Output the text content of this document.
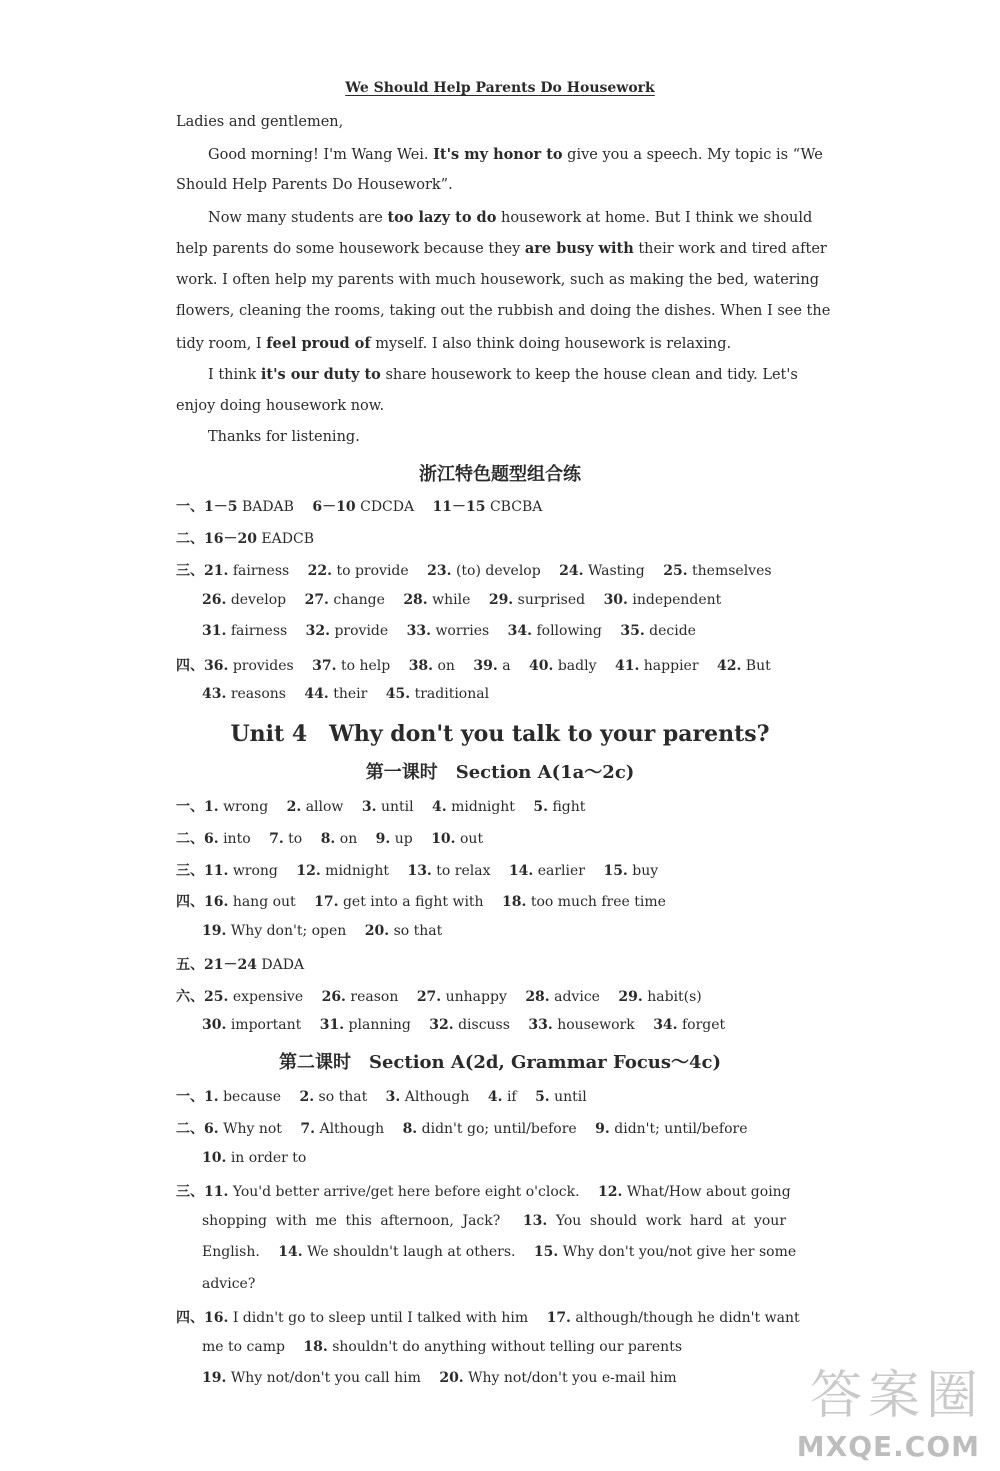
We Should Help Parents Do Housework
Ladies and gentlemen,
Good morning! I'm Wang Wei. It's my honor to give you a speech. My topic is “We
Should Help Parents Do Housework”.
Now many students are too lazy to do housework at home. But I think we should
help parents do some housework because they are busy with their work and tired after
work. I often help my parents with much housework, such as making the bed, watering
flowers, cleaning the rooms, taking out the rubbish and doing the dishes. When I see the
tidy room, I feel proud of myself. I also think doing housework is relaxing.
I think it's our duty to share housework to keep the house clean and tidy. Let's
enjoy doing housework now.
Thanks for listening.
浙江特色题型组合练
一、1－5 BADAB 6－10 CDCDA 11－15 CBCBA
二、16－20 EADCB
三、21. fairness 22. to provide 23. (to) develop 24. Wasting 25. themselves
26. develop 27. change 28. while 29. surprised 30. independent
31. fairness 32. provide 33. worries 34. following 35. decide
四、36. provides 37. to help 38. on 39. a 40. badly 41. happier 42. But
43. reasons 44. their 45. traditional
Unit 4　Why don't you talk to your parents?
第一课时　Section A(1a～2c)
一、1. wrong 2. allow 3. until 4. midnight 5. fight
二、6. into 7. to 8. on 9. up 10. out
三、11. wrong 12. midnight 13. to relax 14. earlier 15. buy
四、16. hang out 17. get into a fight with 18. too much free time
19. Why don't; open 20. so that
五、21－24 DADA
六、25. expensive 26. reason 27. unhappy 28. advice 29. habit(s)
30. important 31. planning 32. discuss 33. housework 34. forget
第二课时　Section A(2d, Grammar Focus～4c)
一、1. because 2. so that 3. Although 4. if 5. until
二、6. Why not 7. Although 8. didn't go; until/before 9. didn't; until/before
10. in order to
三、11. You'd better arrive/get here before eight o'clock. 12. What/How about going
shopping with me this afternoon, Jack? 13. You should work hard at your
English. 14. We shouldn't laugh at others. 15. Why don't you/not give her some
advice?
四、16. I didn't go to sleep until I talked with him 17. although/though he didn't want
me to camp 18. shouldn't do anything without telling our parents
19. Why not/don't you call him 20. Why not/don't you e-mail him	答案圈
MXQE.COM
